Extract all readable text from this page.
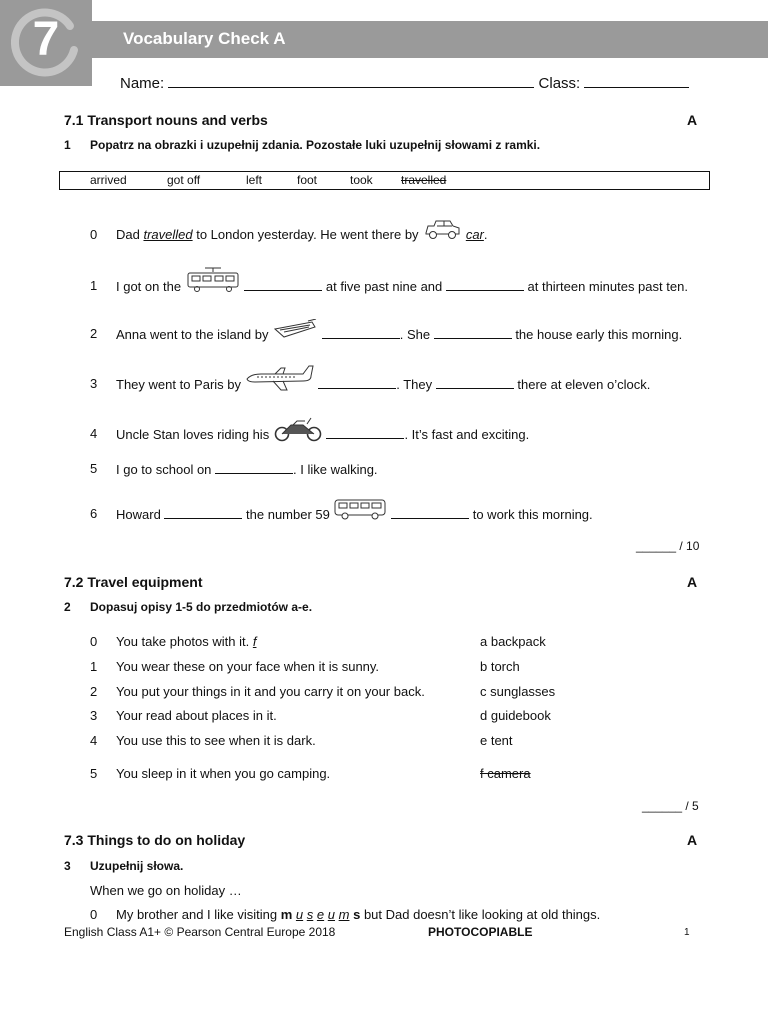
7	Vocabulary Check A
Name:	Class:
7.1 Transport nouns and verbs	A
1 Popatrz na obrazki i uzupełnij zdania. Pozostałe luki uzupełnij słowami z ramki.
arrived	got off	left	foot	took travelled
0 Dad travelled to London yesterday. He went there by	car.
1 I got on the	at five past nine and	at thirteen minutes past ten.
2 Anna went to the island by	. She	the house early this morning.
3 They went to Paris by	. They	there at eleven o’clock.
4 Uncle Stan loves riding his	. It’s fast and exciting.
5 I go to school on	. I like walking.
6 Howard	the number 59	to work this morning.
______ / 10
7.2 Travel equipment	A
2 Dopasuj opisy 1-5 do przedmiotów a-e.
0 You take photos with it. f	a backpack
1 You wear these on your face when it is sunny.	b torch
2 You put your things in it and you carry it on your back.	c sunglasses
3 Your read about places in it.	d guidebook
4 You use this to see when it is dark.	e tent
5 You sleep in it when you go camping.	f camera
______ / 5
7.3 Things to do on holiday	A
3 Uzupełnij słowa.
When we go on holiday …
0 My brother and I like visiting m u s e u m s but Dad doesn’t like looking at old things.
English Class A1+ © Pearson Central Europe 2018	PHOTOCOPIABLE	1
